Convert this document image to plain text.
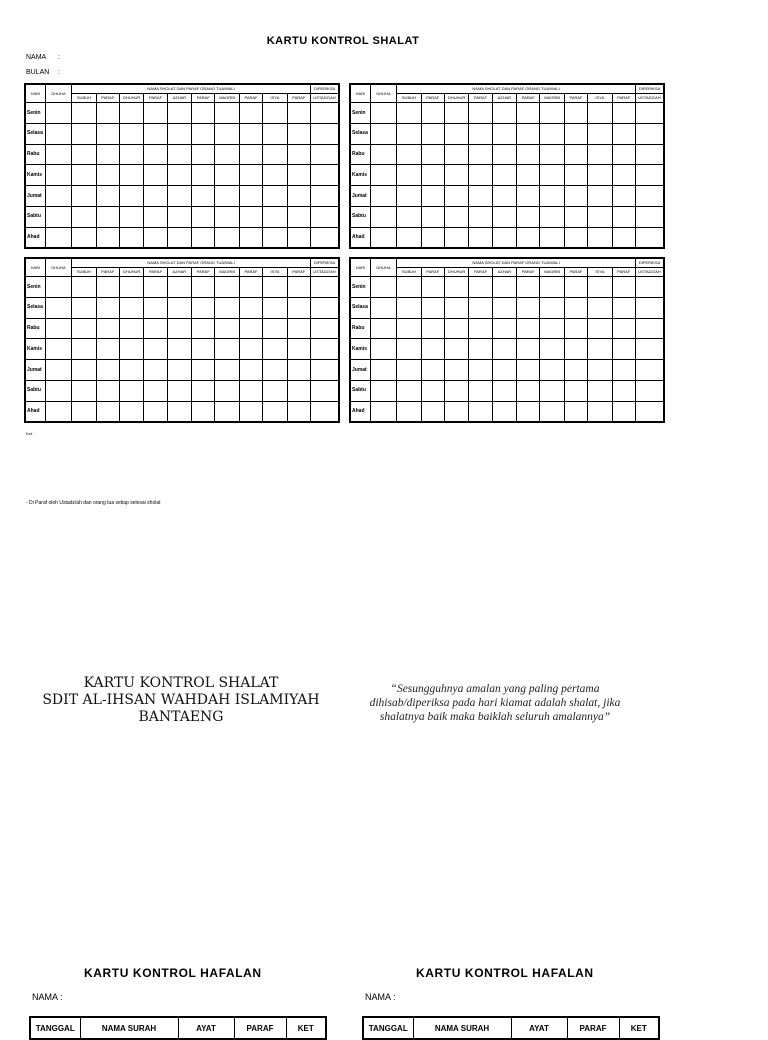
KARTU KONTROL SHALAT
NAMA :
BULAN :
HARI	DHUHA	NAMA SHOLAT DAN PARAF ORANG TUA/WALI										DIPERIKSA
		SUBUH	PARAF	DHUHUR	PARAF	AZHAR	PARAF	MAGRIB	PARAF	ISYA	PARAF	USTADZ/AH
Senin												
Selasa												
Rabu												
Kamis												
Jumat												
Sabtu												
Ahad												
HARI	DHUHA	NAMA SHOLAT DAN PARAF ORANG TUA/WALI										DIPERIKSA
		SUBUH	PARAF	DHUHUR	PARAF	AZHAR	PARAF	MAGRIB	PARAF	ISYA	PARAF	USTADZ/AH
Senin												
Selasa												
Rabu												
Kamis												
Jumat												
Sabtu												
Ahad												
HARI	DHUHA	NAMA SHOLAT DAN PARAF ORANG TUA/WALI										DIPERIKSA
		SUBUH	PARAF	DHUHUR	PARAF	AZHAR	PARAF	MAGRIB	PARAF	ISYA	PARAF	USTADZ/AH
Senin												
Selasa												
Rabu												
Kamis												
Jumat												
Sabtu												
Ahad												
HARI	DHUHA	NAMA SHOLAT DAN PARAF ORANG TUA/WALI										DIPERIKSA
		SUBUH	PARAF	DHUHUR	PARAF	AZHAR	PARAF	MAGRIB	PARAF	ISYA	PARAF	USTADZ/AH
Senin												
Selasa												
Rabu												
Kamis												
Jumat												
Sabtu												
Ahad												
Ket :
- Di Paraf oleh Ustadz/ah dan orang tua setiap selesai sholat
KARTU KONTROL SHALAT
SDIT AL-IHSAN WAHDAH ISLAMIYAH
BANTAENG
“Sesungguhnya amalan yang paling pertama
dihisab/diperiksa pada hari kiamat adalah shalat, jika
shalatnya baik maka baiklah seluruh amalannya”
KARTU KONTROL HAFALAN	KARTU KONTROL HAFALAN
NAMA :	NAMA :
TANGGAL	NAMA SURAH	AYAT	PARAF	KET	TANGGAL	NAMA SURAH	AYAT	PARAF	KET
